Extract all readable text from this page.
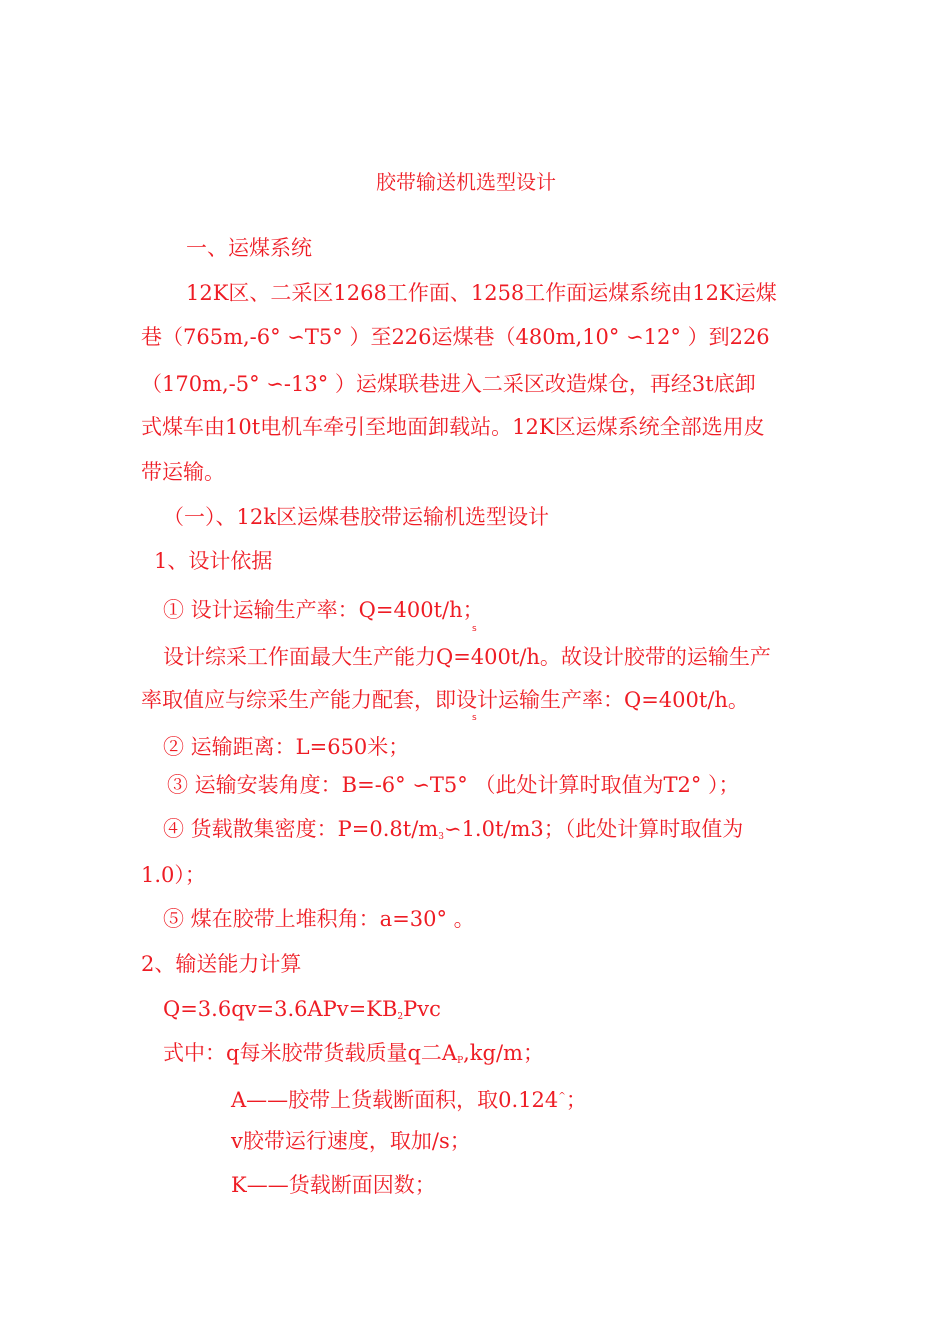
胶带输送机选型设计
一、运煤系统
12K区、二采区1268工作面、1258工作面运煤系统由12K运煤
巷（765m,-6° ∽T5° ）至226运煤巷（480m,10° ∽12° ）到226
（170m,-5° ∽-13° ）运煤联巷进入二采区改造煤仓，再经3t底卸
式煤车由10t电机车牵引至地面卸载站。12K区运煤系统全部选用皮
带运输。
（一）、12k区运煤巷胶带运输机选型设计
1、设计依据
① 设计运输生产率：Q=400t/h；
s
设计综采工作面最大生产能力Q=400t/h。故设计胶带的运输生产
率取值应与综采生产能力配套，即设计运输生产率：Q=400t/h。
s
② 运输距离：L=650米；
③ 运输安装角度：B=-6° ∽T5° （此处计算时取值为T2° ）；
④ 货载散集密度：$P=0.8t/m_3∽1.0t/m3$；（此处计算时取值为
1.0）；
⑤ 煤在胶带上堆积角：a=30° 。
2、输送能力计算
$Q=3.6qv=3.6APv=KB_2Pvc$
式中：q每米胶带货载质量q二$A_P,kg/m$；
A——胶带上货载断面积，取0.124^；
v胶带运行速度，取加/s；
K——货载断面因数；
